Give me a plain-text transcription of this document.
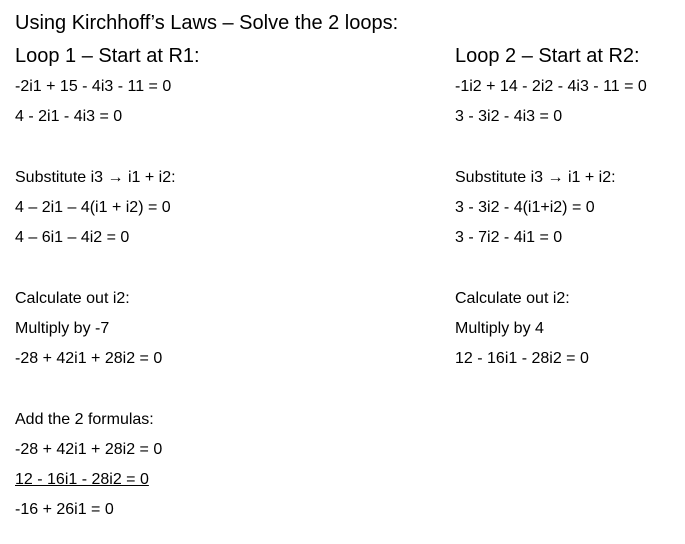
Using Kirchhoff’s Laws – Solve the 2 loops:
Loop 1 – Start at R1:
-2i1 + 15 - 4i3 - 11 = 0
4 - 2i1 - 4i3 = 0
Substitute i3 → i1 + i2:
4 – 2i1 – 4(i1 + i2) = 0
4 – 6i1 – 4i2 = 0
Calculate out i2:
Multiply by -7
-28 + 42i1 + 28i2 = 0
Loop 2 – Start at R2:
-1i2 + 14 - 2i2 - 4i3 - 11 = 0
3 - 3i2 - 4i3 = 0
Substitute i3 → i1 + i2:
3 - 3i2 - 4(i1+i2) = 0
3 - 7i2 - 4i1 = 0
Calculate out i2:
Multiply by 4
12 - 16i1 - 28i2 = 0
Add the 2 formulas:
-28 + 42i1 + 28i2 = 0
12 - 16i1 - 28i2 = 0
-16 + 26i1 = 0
